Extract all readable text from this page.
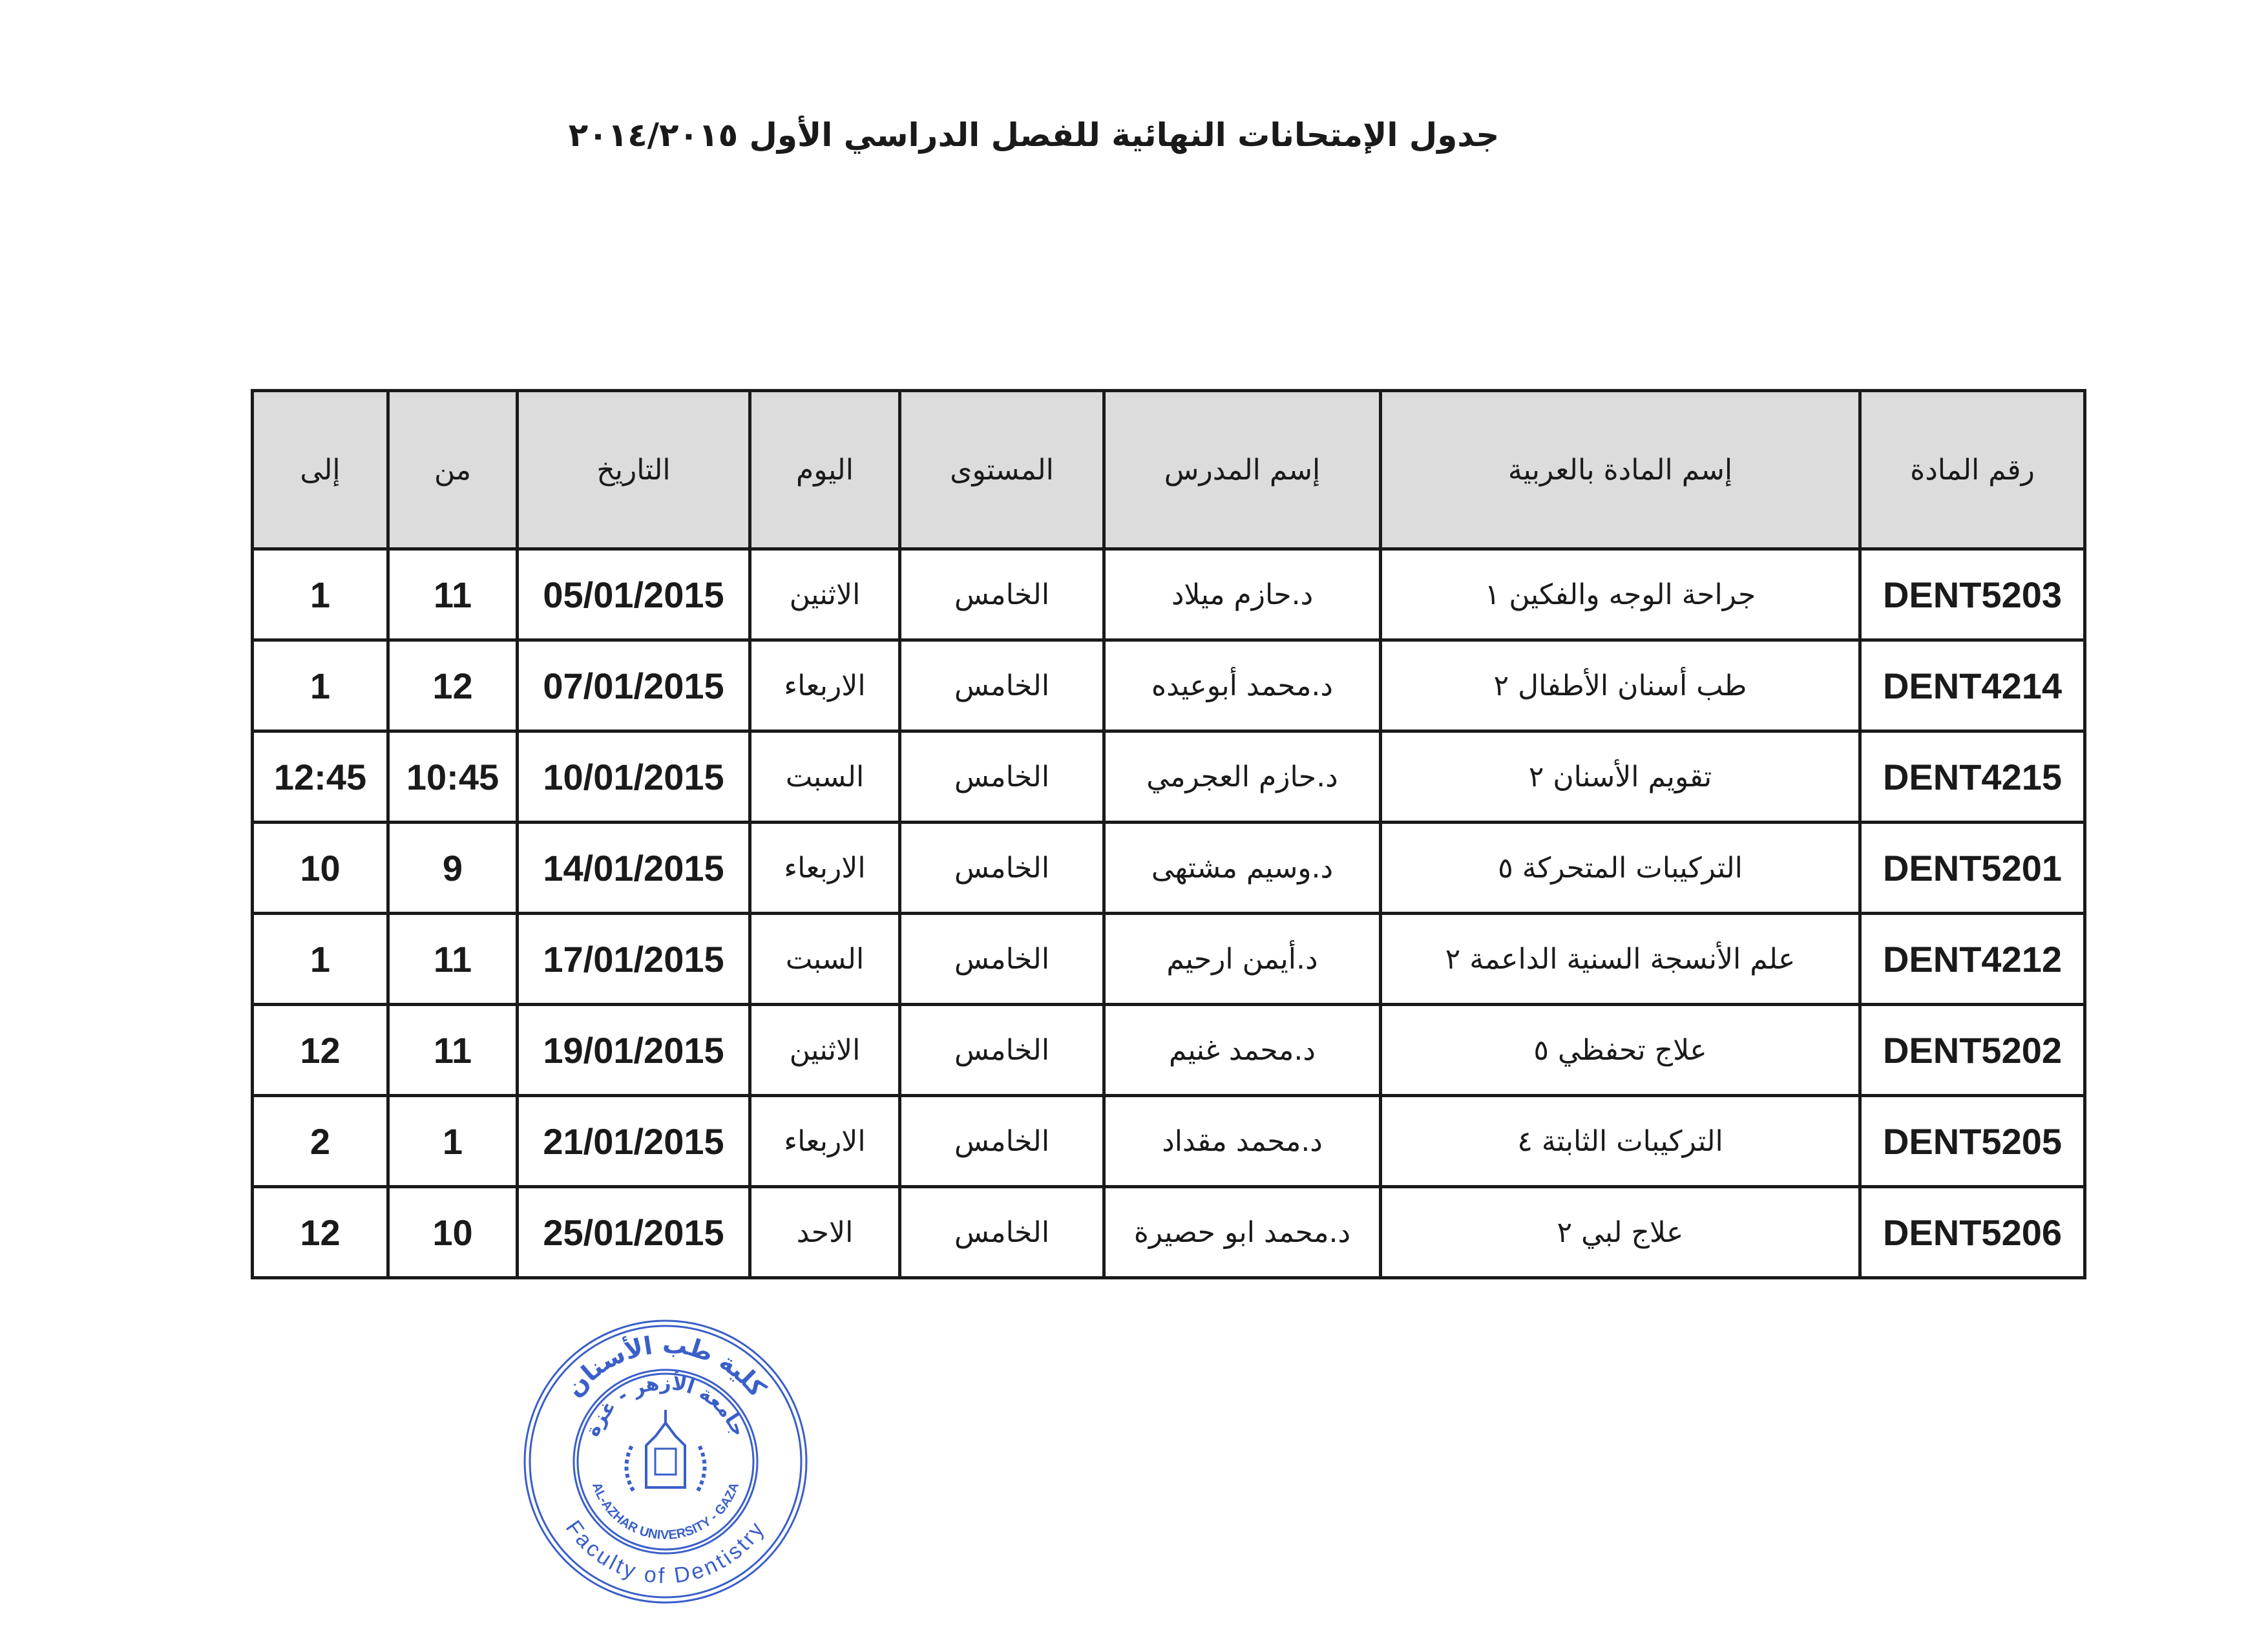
جدول الإمتحانات النهائية للفصل الدراسي الأول ٢٠١٤/٢٠١٥
رقم المادة	إسم المادة بالعربية	إسم المدرس	المستوى	اليوم	التاريخ	من	إلى
DENT5203	جراحة الوجه والفكين ١	د.حازم ميلاد	الخامس	الاثنين	05/01/2015	11	1
DENT4214	طب أسنان الأطفال ٢	د.محمد أبوعيده	الخامس	الاربعاء	07/01/2015	12	1
DENT4215	تقويم الأسنان ٢	د.حازم العجرمي	الخامس	السبت	10/01/2015	10:45	12:45
DENT5201	التركيبات المتحركة ٥	د.وسيم مشتهى	الخامس	الاربعاء	14/01/2015	9	10
DENT4212	علم الأنسجة السنية الداعمة ٢	د.أيمن ارحيم	الخامس	السبت	17/01/2015	11	1
DENT5202	علاج تحفظي ٥	د.محمد غنيم	الخامس	الاثنين	19/01/2015	11	12
DENT5205	التركيبات الثابتة ٤	د.محمد مقداد	الخامس	الاربعاء	21/01/2015	1	2
DENT5206	علاج لبي ٢	د.محمد ابو حصيرة	الخامس	الاحد	25/01/2015	10	12
كلية طب الأسنان
جامعة الأزهر - غزة
AL-AZHAR UNIVERSITY - GAZA
Faculty of Dentistry
